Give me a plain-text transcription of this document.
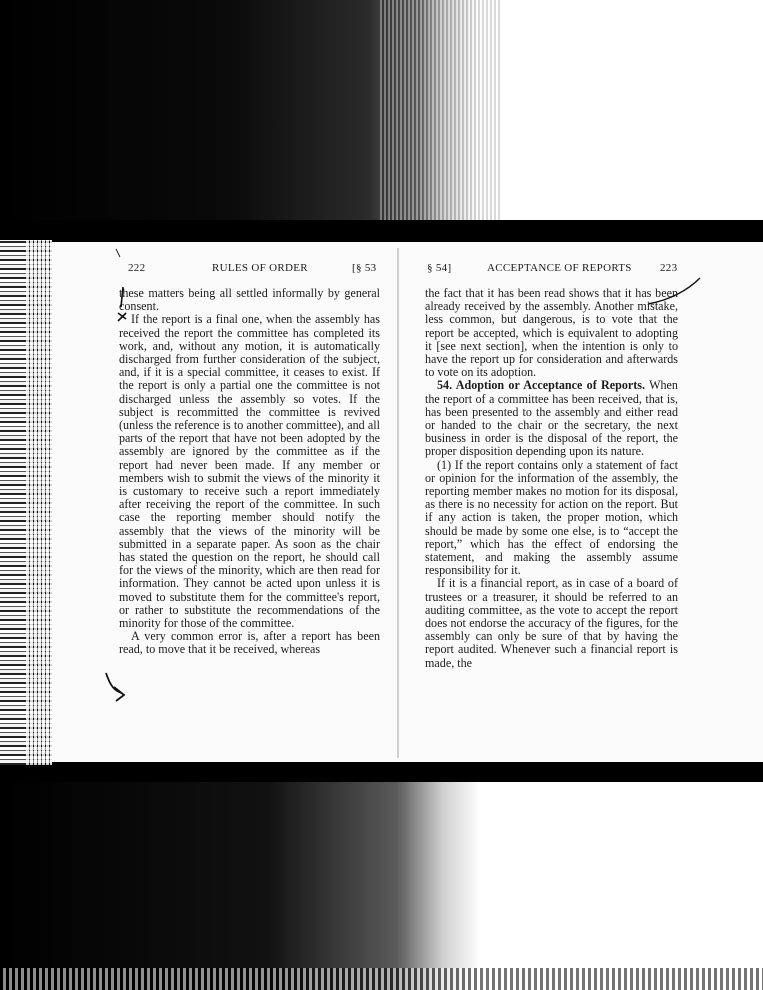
222	RULES OF ORDER	[§ 53	§ 54]	ACCEPTANCE OF REPORTS	223

these matters being all settled informally by general consent.

If the report is a final one, when the assembly has received the report the committee has completed its work, and, without any motion, it is automatically discharged from further consideration of the subject, and, if it is a special committee, it ceases to exist. If the report is only a partial one the committee is not discharged unless the assembly so votes. If the subject is recommitted the committee is revived (unless the reference is to another committee), and all parts of the report that have not been adopted by the assembly are ignored by the committee as if the report had never been made. If any member or members wish to submit the views of the minority it is customary to receive such a report immediately after receiving the report of the committee. In such case the reporting member should notify the assembly that the views of the minority will be submitted in a separate paper. As soon as the chair has stated the question on the report, he should call for the views of the minority, which are then read for information. They cannot be acted upon unless it is moved to substitute them for the committee's report, or rather to substitute the recommendations of the minority for those of the committee.

A very common error is, after a report has been read, to move that it be received, whereas

the fact that it has been read shows that it has been already received by the assembly. Another mistake, less common, but dangerous, is to vote that the report be accepted, which is equivalent to adopting it [see next section], when the intention is only to have the report up for consideration and afterwards to vote on its adoption.

54. Adoption or Acceptance of Reports. When the report of a committee has been received, that is, has been presented to the assembly and either read or handed to the chair or the secretary, the next business in order is the disposal of the report, the proper disposition depending upon its nature.

(1) If the report contains only a statement of fact or opinion for the information of the assembly, the reporting member makes no motion for its disposal, as there is no necessity for action on the report. But if any action is taken, the proper motion, which should be made by some one else, is to “accept the report,” which has the effect of endorsing the statement, and making the assembly assume responsibility for it.

If it is a financial report, as in case of a board of trustees or a treasurer, it should be referred to an auditing committee, as the vote to accept the report does not endorse the accuracy of the figures, for the assembly can only be sure of that by having the report audited. Whenever such a financial report is made, the
